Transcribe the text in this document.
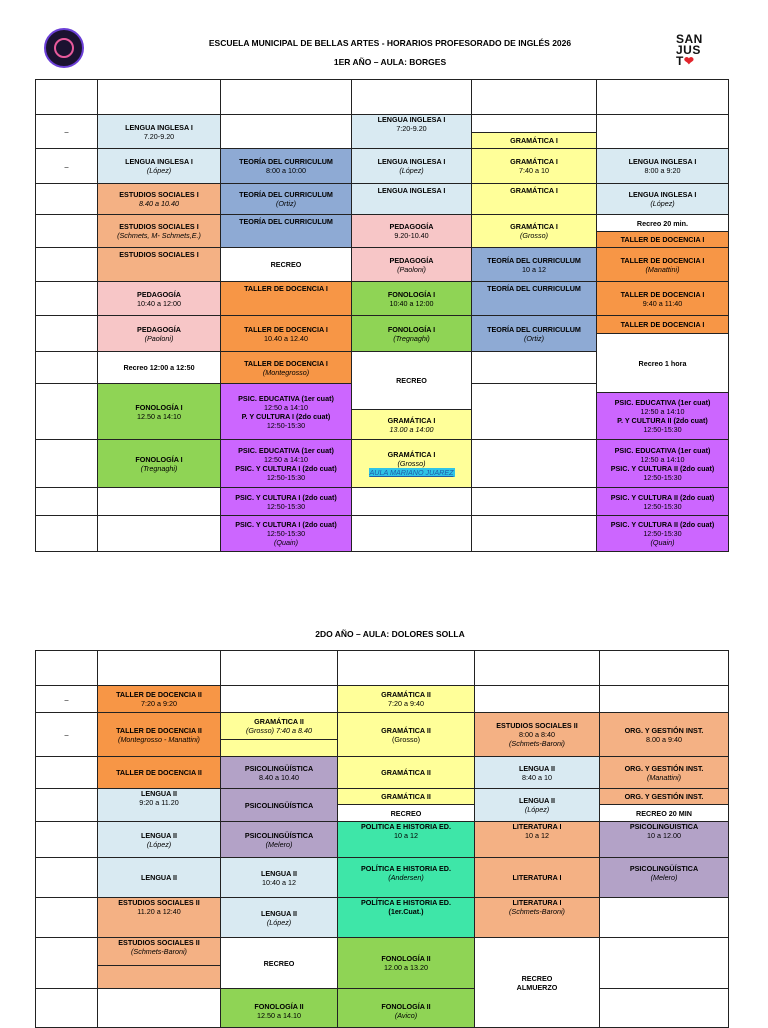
SAN
JUS
T❤
ESCUELA MUNICIPAL DE BELLAS ARTES - HORARIOS PROFESORADO DE INGLÉS 2026
1ER AÑO – AULA: BORGES
2DO AÑO – AULA: DOLORES SOLLA
–
–
LENGUA INGLESA I
7.20-9.20
LENGUA INGLESA I
(López)
ESTUDIOS SOCIALES I
8.40 a 10.40
ESTUDIOS SOCIALES I
(Schmets, M- Schmets,E.)
ESTUDIOS SOCIALES I
PEDAGOGÍA
10:40 a 12:00
PEDAGOGÍA
(Paoloni)
Recreo 12:00 a 12:50
FONOLOGÍA I
12.50 a 14:10
FONOLOGÍA I
(Tregnaghi)
TEORÍA DEL CURRICULUM
8:00 a 10:00
TEORÍA DEL CURRICULUM
(Ortiz)
TEORÍA DEL CURRICULUM
RECREO
TALLER DE DOCENCIA I
TALLER DE DOCENCIA I
10.40 a 12.40
TALLER DE DOCENCIA I
(Montegrosso)
PSIC. EDUCATIVA (1er cuat)
12:50 a 14:10
P. Y CULTURA I (2do cuat)
12:50-15:30
PSIC. EDUCATIVA (1er cuat)
12:50 a 14:10
PSIC. Y CULTURA I (2do cuat)
12:50-15:30
PSIC. Y CULTURA I (2do cuat)
12:50-15:30
PSIC. Y CULTURA I (2do cuat)
12:50-15:30
(Quain)
LENGUA INGLESA I
7:20-9.20
LENGUA INGLESA I
(López)
LENGUA INGLESA I
PEDAGOGÍA
9.20-10.40
PEDAGOGÍA
(Paoloni)
FONOLOGÍA I
10:40 a 12:00
FONOLOGÍA I
(Tregnaghi)
RECREO
GRAMÁTICA I
13.00 a 14:00
GRAMÁTICA I
(Grosso)
AULA MARIANO JUAREZ
GRAMÁTICA I
GRAMÁTICA I
7:40 a 10
GRAMÁTICA I
GRAMÁTICA I
(Grosso)
TEORÍA DEL CURRICULUM
10 a 12
TEORÍA DEL CURRICULUM
TEORÍA DEL CURRICULUM
(Ortiz)
LENGUA INGLESA I
8:00 a 9:20
LENGUA INGLESA I
(López)
Recreo 20 min.
TALLER DE DOCENCIA I
TALLER DE DOCENCIA I
(Manattini)
TALLER DE DOCENCIA I
9:40 a 11:40
TALLER DE DOCENCIA I
Recreo 1 hora
PSIC. EDUCATIVA (1er cuat)
12:50 a 14:10
P. Y CULTURA II (2do cuat)
12:50-15:30
PSIC. EDUCATIVA (1er cuat)
12:50 a 14:10
PSIC. Y CULTURA II (2do cuat)
12:50-15:30
PSIC. Y CULTURA II (2do cuat)
12:50-15:30
PSIC. Y CULTURA II (2do cuat)
12:50-15:30
(Quain)
–
–
TALLER DE DOCENCIA II
7:20 a 9:20
TALLER DE DOCENCIA II
(Montegrosso - Manattini)
TALLER DE DOCENCIA II
LENGUA II
9:20 a 11.20
LENGUA II
(López)
LENGUA II
ESTUDIOS SOCIALES II
11.20 a 12:40
ESTUDIOS SOCIALES II
(Schmets-Baroni)
GRAMÁTICA II
(Grosso) 7:40 a 8.40
PSICOLINGÜÍSTICA
8.40 a 10.40
PSICOLINGÜÍSTICA
PSICOLINGÜÍSTICA
(Melero)
LENGUA II
10:40 a 12
LENGUA II
(López)
RECREO
FONOLOGÍA II
12.50 a 14.10
GRAMÁTICA II
7:20 a 9:40
GRAMÁTICA II
(Grosso)
GRAMÁTICA II
GRAMÁTICA II
RECREO
POLITICA E HISTORIA ED.
10 a 12
POLÍTICA E HISTORIA ED.
(Andersen)
POLÍTICA E HISTORIA ED.
(1er.Cuat.)
FONOLOGÍA II
12.00 a 13.20
FONOLOGÍA II
(Avico)
ESTUDIOS SOCIALES II
8:00 a 8:40
(Schmets-Baroni)
LENGUA II
8:40 a 10
LENGUA II
(López)
LITERATURA I
10 a 12
LITERATURA I
LITERATURA I
(Schmets-Baroni)
RECREO
ALMUERZO
ORG. Y GESTIÓN INST.
8.00 a 9:40
ORG. Y GESTIÓN INST.
(Manattini)
ORG. Y GESTIÓN INST.
RECREO 20 MIN
PSICOLINGUISTICA
10 a 12.00
PSICOLINGÜÍSTICA
(Melero)
